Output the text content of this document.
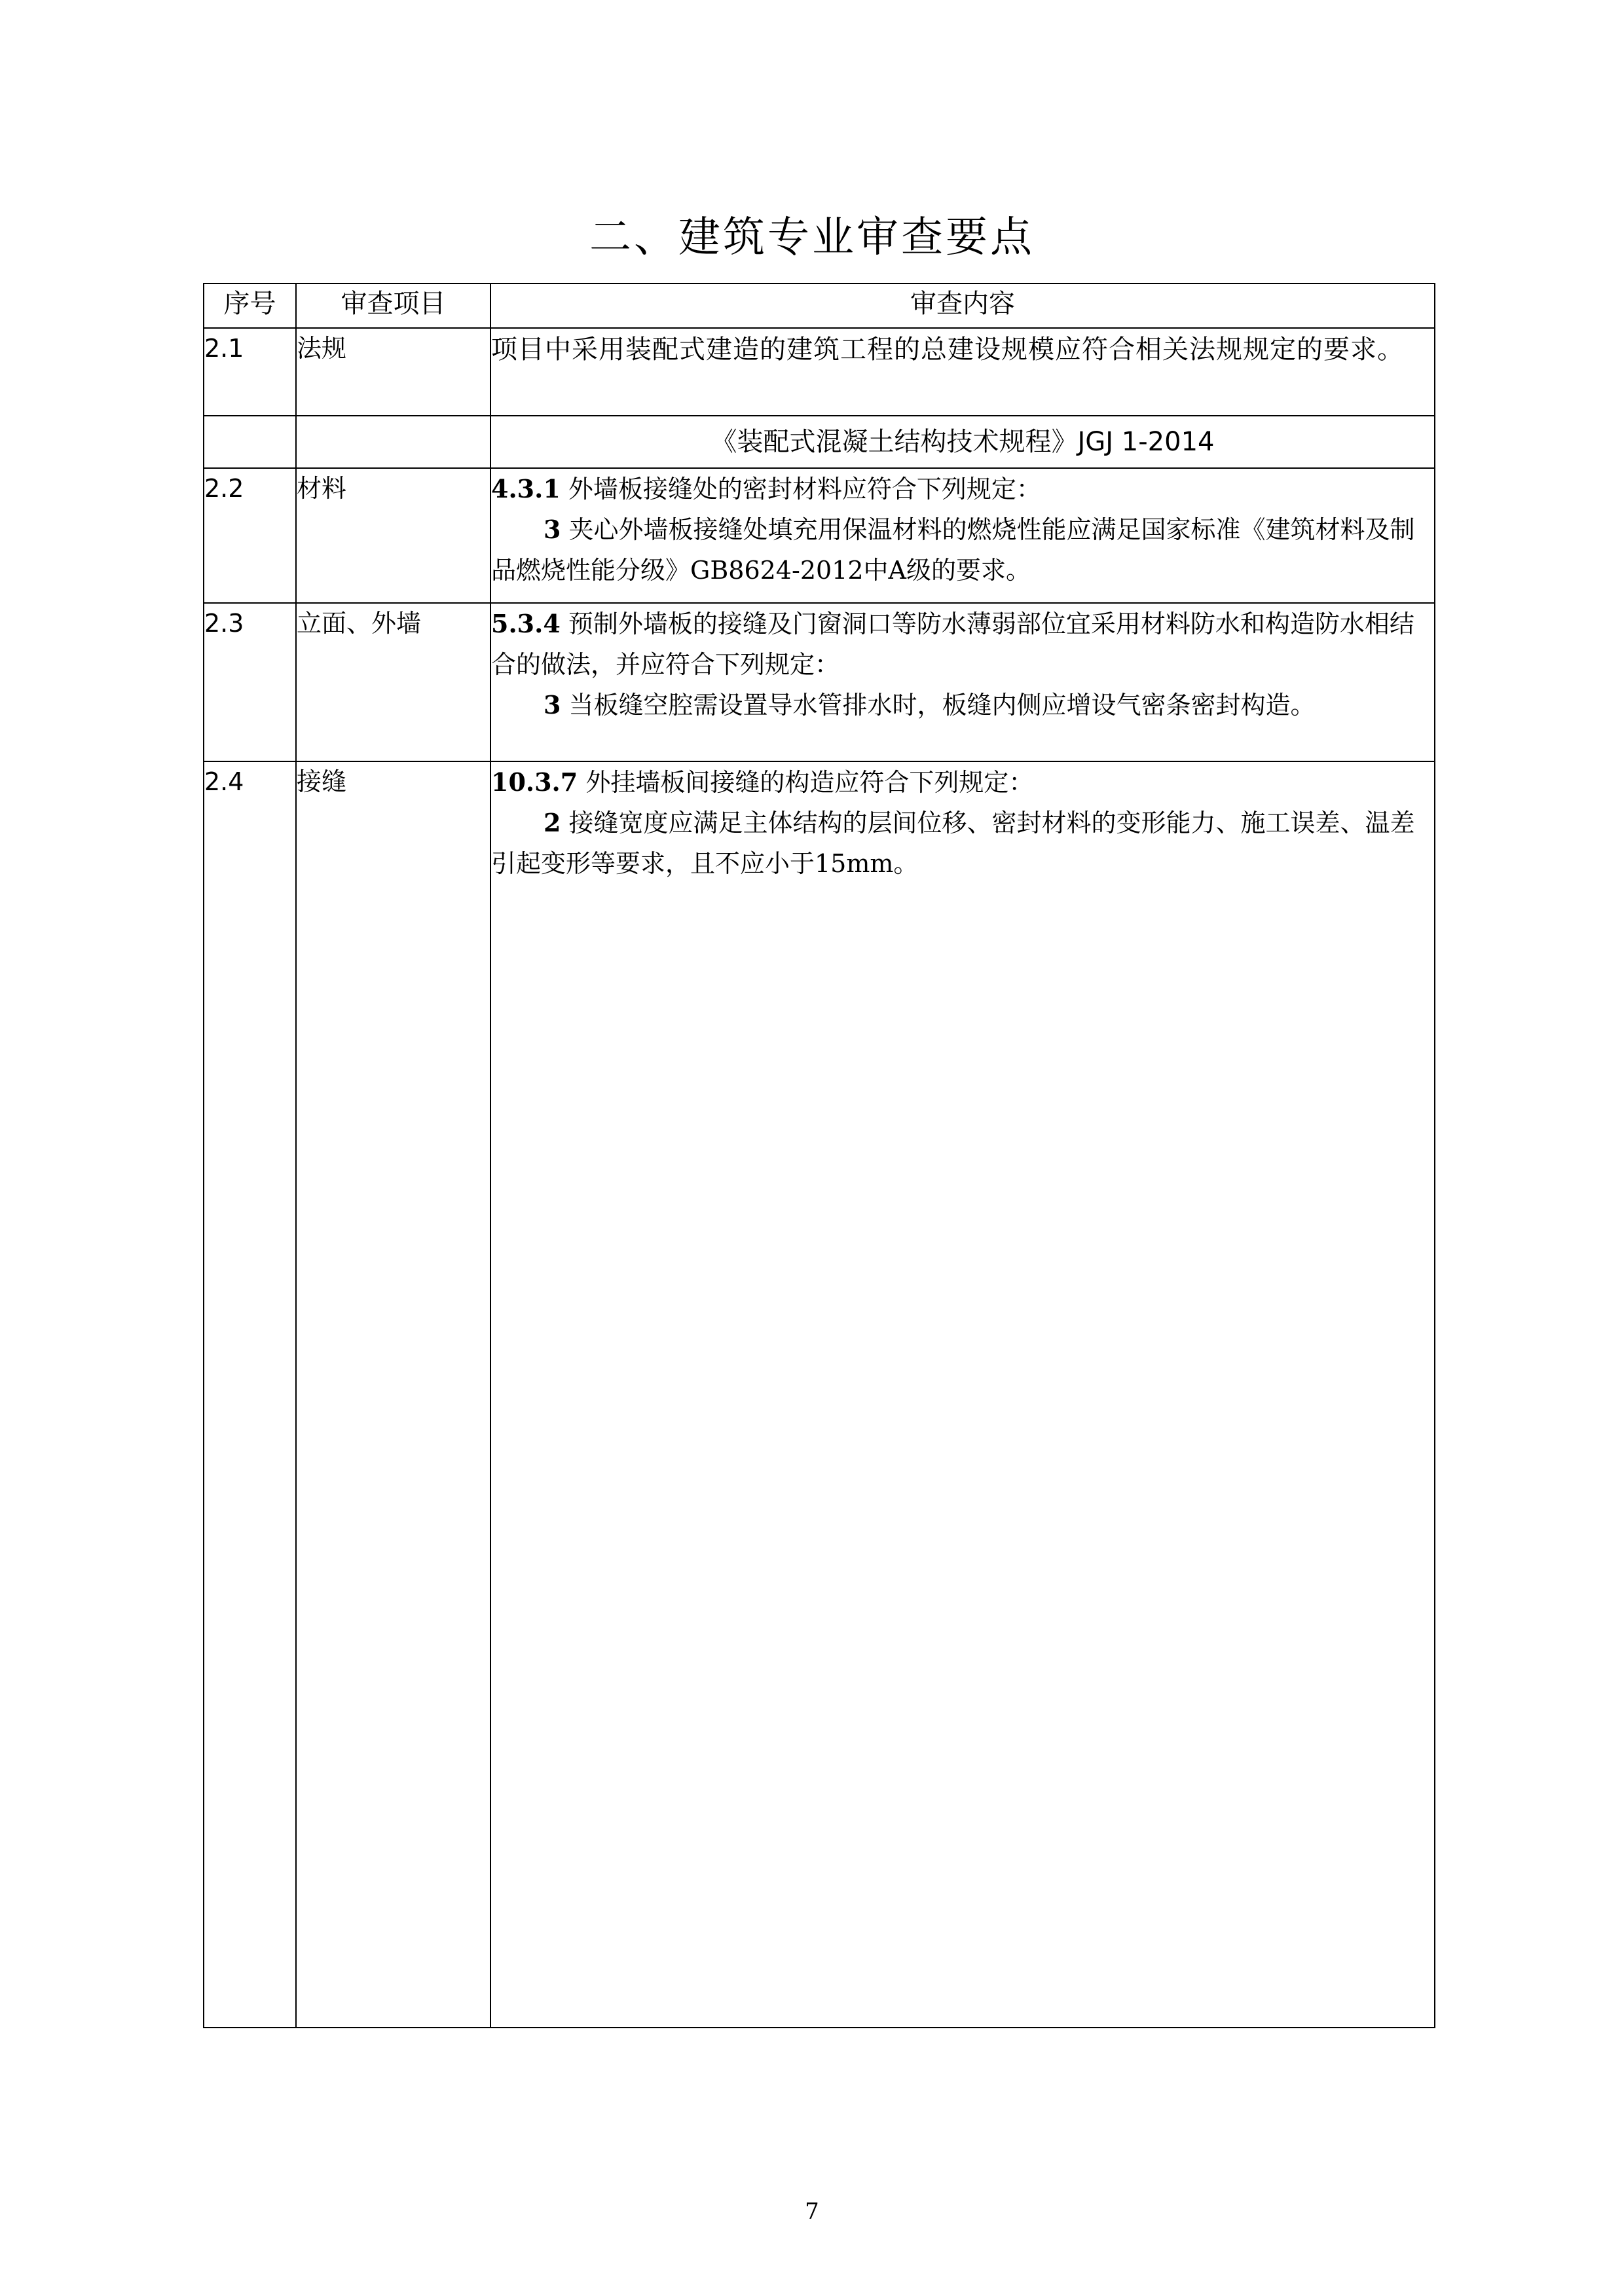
二、建筑专业审查要点
序号	审查项目	审查内容
2.1	法规	项目中采用装配式建造的建筑工程的总建设规模应符合相关法规规定的要求。
		《装配式混凝土结构技术规程》JGJ 1-2014
2.2	材料	4.3.1 外墙板接缝处的密封材料应符合下列规定：
3 夹心外墙板接缝处填充用保温材料的燃烧性能应满足国家标准《建筑材料及制品燃烧性能分级》GB8624-2012中A级的要求。

2.3	立面、外墙	5.3.4 预制外墙板的接缝及门窗洞口等防水薄弱部位宜采用材料防水和构造防水相结合的做法，并应符合下列规定：
3 当板缝空腔需设置导水管排水时，板缝内侧应增设气密条密封构造。

2.4	接缝	10.3.7 外挂墙板间接缝的构造应符合下列规定：
2 接缝宽度应满足主体结构的层间位移、密封材料的变形能力、施工误差、温差引起变形等要求，且不应小于15mm。
7
